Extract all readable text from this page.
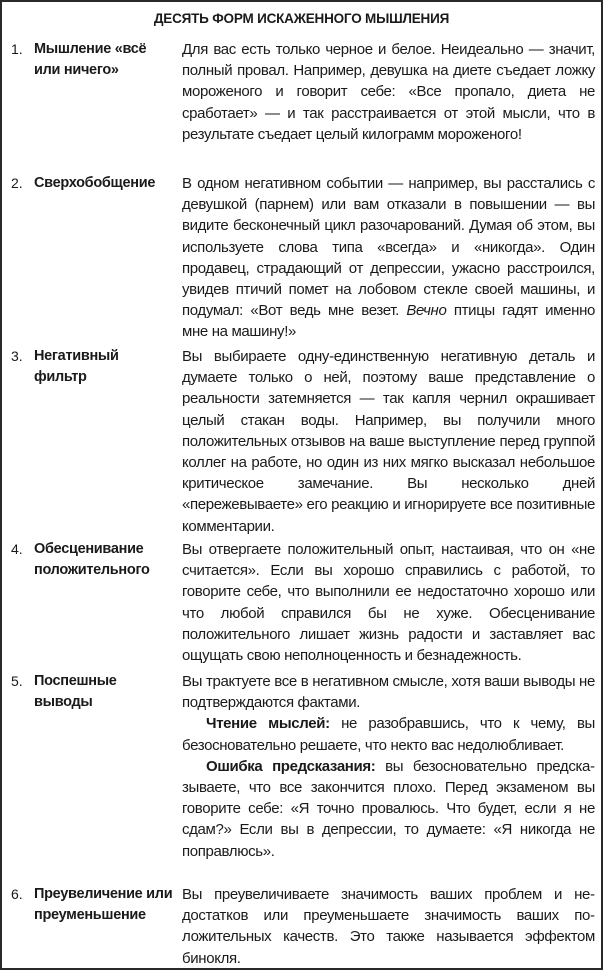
ДЕСЯТЬ ФОРМ ИСКАЖЕННОГО МЫШЛЕНИЯ
1. Мышление «всё или ничего»

Для вас есть только черное и белое. Неидеально — значит, полный провал. Например, девушка на диете съедает ложку мороженого и говорит себе: «Все пропало, диета не сработает» — и так расстраивается от этой мысли, что в результате съедает целый килограмм мороженого!

2. Сверхобобщение	В одном негативном событии — например, вы расстались с девушкой (парнем) или вам отказали в повышении — вы видите бесконечный цикл разочарований. Думая об этом, вы используете слова типа «всегда» и «никогда». Один продавец, страдающий от депрессии, ужасно расстроился, увидев птичий помет на лобовом стекле своей машины, и подумал: «Вот ведь мне везет. Вечно птицы гадят именно мне на машину!»

3. Негативный фильтр

Вы выбираете одну-единственную негативную деталь и думаете только о ней, поэтому ваше представление о реальности затемняется — так капля чернил окрашивает целый стакан воды. Например, вы получили много положительных отзывов на ваше выступление перед группой коллег на работе, но один из них мягко высказал небольшое критическое замечание. Вы несколько дней «пережевываете» его реакцию и игнорируете все позитивные комментарии.

4. Обесценивание положительного

Вы отвергаете положительный опыт, настаивая, что он «не считается». Если вы хорошо справились с работой, то говорите себе, что выполнили ее недостаточно хорошо или что любой справился бы не хуже. Обесценивание положительного лишает жизнь радости и заставляет вас ощущать свою неполноценность и безнадежность.

5. Поспешные выводы

Вы трактуете все в негативном смысле, хотя ваши выводы не подтверждаются фактами.

Чтение мыслей: не разобравшись, что к чему, вы безосновательно решаете, что некто вас недолюбливает.

Ошибка предсказания: вы безосновательно предсказываете, что все закончится плохо. Перед экзаменом вы говорите себе: «Я точно провалюсь. Что будет, если я не сдам?» Если вы в депрессии, то думаете: «Я никогда не поправлюсь».

6. Преувеличение или преуменьшение

Вы преувеличиваете значимость ваших проблем и недостатков или преуменьшаете значимость ваших положительных качеств. Это также называется эффектом бинокля.
